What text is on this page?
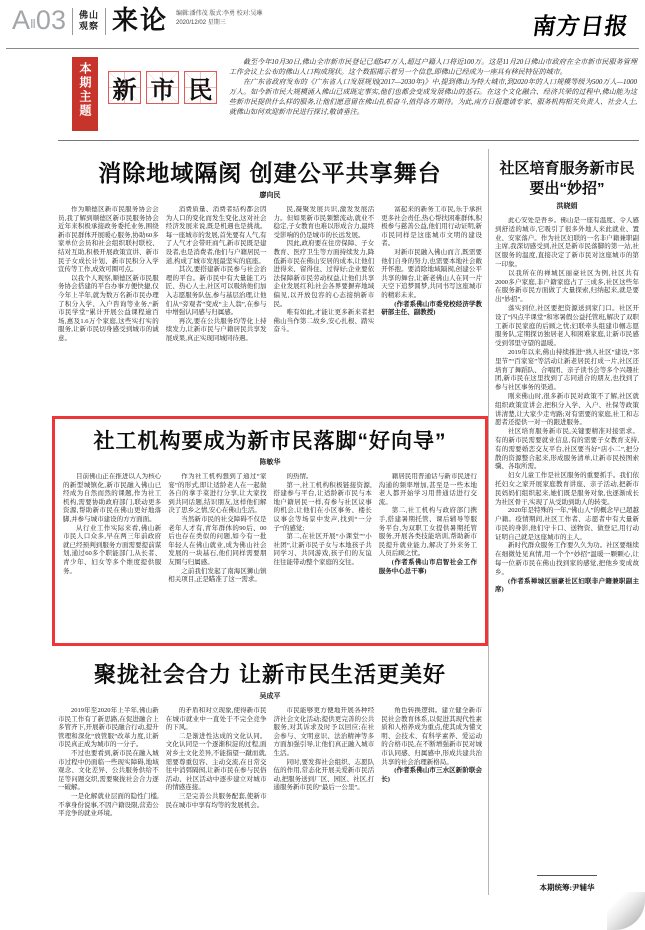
A Ⅱ 03 佛山
观察 来论 编辑:潘伟茂 版式:李勇 校对:吴琳
2020/12/02 星期三	南方日报
本期主题 新 市 民

截至今年10月30日,佛山全市新市民登记已超547万人,超过户籍人口将近100万。这是11月20日佛山市政府在全市新市民服务管理工作会议上公布的佛山人口构成现状。这个数据揭示着另一个信息,即佛山已经成为一座具有移民特征的城市。

在广东省政府发布的《广东省人口发展规划(2017—2030年)》中,提到佛山为特大城市,到2020年的人口规模等级为500万人—1000万人。如今新市民大规模涌入佛山已成既定事实,他们也都会变成发展佛山的基石。在这个文化融合、经济共荣的过程中,佛山能为这些新市民提供什么样的服务,让他们愿意留在佛山扎根奋斗,值得各方期待。为此,南方日报邀请专家、服务机构相关负责人、社会人士,就佛山如何欢迎新市民进行探讨,敬请垂注。

消除地域隔阂 创建公平共享舞台
廖向民

作为顺德区新市民服务协会会员,我了解到顺德区新市民服务协会近年来积极承接政务委托业务,围绕新市民群体开展暖心服务,协助60多家单位会员和社会组织联村联校、结对互助,积极开展政策宣讲、新市民子女成长计划、新市民积分入学宣传等工作,成效可圈可点。

以我个人观察,顺德区新市民服务协会搭建的平台办事方便快捷,仅今年上半年,就为数万名新市民办理了积分入学、入户咨询等业务,“新市民学堂”累计开展公益课程逾百场,惠及1.6万个家庭,这些实打实的服务,让新市民切身感受到城市的诚意。

消费质量、消费者结构都会因为人口的变化而发生变化,这对社会经济发展来说,既是机遇也是挑战。每一座城市的发展,首先要有人气,有了人气才会带旺商气,新市民既是建设者,也是消费者,他们与户籍居民一道,构成了城市发展最坚实的底座。

其次,要搭建新市民参与社会治理的平台。新市民中有大量能工巧匠、热心人士,社区可以吸纳他们加入志愿服务队伍,参与基层治理,让他们从“旁观者”变成“主人翁”,在参与中增强认同感与归属感。

再次,要在公共服务均等化上持续发力,让新市民与户籍居民共享发展成果,真正实现同城同待遇。

民,凝聚发展共识,激发发展活力。但如果新市民频繁流动,就业不稳定,子女教育也难以形成合力,最终受影响的仍是城市的长远发展。

因此,政府要在住房保障、子女教育、医疗卫生等方面持续发力,降低新市民在佛山安居的成本,让他们进得来、留得住、过得好;企业要依法保障新市民劳动权益,让他们共享企业发展红利;社会各界要摒弃地域偏见,以开放包容的心态接纳新市民。

唯有如此,才能让更多新来者把佛山当作第二故乡,安心扎根、踏实奋斗。

富起来的新务工市民,乐于承担更多社会责任,热心帮扶困难群体,积极参与慈善公益,他们用行动证明,新市民同样是这座城市文明的建设者。

对新市民融入佛山而言,既需要他们自身的努力,也需要本地社会敞开怀抱。要消除地域隔阂,创建公平共享的舞台,让新老佛山人在同一片天空下追梦圆梦,共同书写这座城市的精彩未来。

(作者系佛山市委党校经济学教研部主任、副教授)

社工机构要成为新市民落脚“好向导”
陈敏华

目前佛山正在推进以人为核心的新型城镇化,新市民融入佛山已经成为自然而然的课题,作为社工机构,需要协助政府部门,联动更多资源,帮助新市民在佛山更好地落脚,并参与城市建设的方方面面。

从行业工作实际来看,佛山新市民人口众多,早在两三年前政府就已经预判到服务方面需要提前谋划,通过60多个职能部门,从长者、青少年、妇女等多个维度提供服务。

作为社工机构想到了通过“家宴”的形式,即让适龄老人在一起做各自的拿手菜进行分享,让大家找到共同话题,结识朋友,这样他们解决了思乡之情,安心在佛山生活。

当然新市民的社交障碍不仅是老年人才有,青年群体的90后、00后也存在类似的问题,如今有一批年轻人在佛山就业,成为佛山社会发展的一块基石,他们同样需要朋友圈与归属感。

之前我们发起了南海区狮山镇相关项目,正是瞄准了这一需求。

的热情。

第一,社工机构积极链接资源,搭建参与平台,让适龄新市民与本地户籍居民一样,有参与社区议事的机会,让他们在小区事务、楼长议事会等场景中发声,找到“一分子”的感觉;

第二,在社区开展“小课堂”“小社团”,让新市民子女与本地孩子共同学习、共同游戏,孩子们的友谊往往能带动整个家庭的交往。

籍居民用普通话与新市民进行沟通的频率增加,甚至是一些本地老人都开始学习用普通话进行交流。

第二,社工机构与政府部门携手,搭建暑期托管、课后辅导等服务平台,为双职工女提供暑期托管服务,开展各类技能培训,帮助新市民提升就业能力,解决了外来务工人员后顾之忧。

(作者系佛山市启智社会工作服务中心总干事)

聚拢社会合力 让新市民生活更美好
吴成平

2019年至2020年上半年,佛山新市民工作有了新思路,在促进融合上多管齐下,开展新市民融合行动,提升管理和深化“放管服”改革力度,让新市民真正成为城市的一分子。

不过也要看到,新市民在融入城市过程中仍面临一些现实障碍,地域观念、文化差异、公共服务供给不足等问题交织,需要聚拢社会合力逐一破解。

一是化解就业层面的隐性门槛,不拿身份说事,不因户籍设限,营造公平竞争的就业环境。

的矛盾和对立现象,使得新市民在城市就业中一直处于不完全竞争的下风。

二是渐进性达成的文化认同。文化认同是一个逐渐积淀的过程,面对乡土文化差异,不能指望一蹴而就,需要尊重包容、主动交流,在日常交往中消弭隔阂,让新市民在参与民俗活动、社区活动中逐步建立对城市的情感连接。

三是完善公共服务配套,使新市民在城市中享有均等的发展机会。

市民能够更方便地开展各种经济社会文化活动;提供更完善的公共服务,对其诉求及时予以回应;在社会参与、文明意识、法治精神等多方面加强引导,让他们真正融入城市生活。

同时,要发挥社会组织、志愿队伍的作用,常态化开展关爱新市民活动,把服务送到厂区、园区、社区,打通服务新市民的“最后一公里”。

角色转换逻辑。建立健全新市民社会教育体系,以促进其现代性素质和人格养成为重点,使其成为懂文明、会技术、有科学素养、爱运动的合格市民,在不断增强新市民对城市认同感、归属感中,形成共建共治共享的社会治理新格局。

(作者系佛山市三水区新阶联会长)

社区培育服务新市民
要出“妙招”
洪晓娟

此心安处是吾乡。佛山是一座有温度、令人感到舒适的城市,它吸引了很多外地人来此就业、置业、安家落户。作为社区妇联的一名非户籍兼职副主席,我深切感受到,社区是新市民落脚的第一站,社区服务的温度,直接决定了新市民对这座城市的第一印象。

以我所在的禅城区丽豪社区为例,社区共有2000多户家庭,非户籍家庭占了三成多,社区这些年在服务新市民方面做了大量探索,归纳起来,就是要出“妙招”。

落实到位,社区要把资源送到家门口。社区开设了“四点半课堂”和寒暑假公益托管班,解决了双职工新市民家庭的后顾之忧;妇联牵头组建巾帼志愿服务队,定期探访独居老人和困难家庭,让新市民感受到邻里守望的温暖。

2019年以来,佛山持续推进“熟人社区”建设,“邻里节”“百家宴”等活动让新老居民打成一片,社区还培育了舞蹈队、合唱团、亲子读书会等多个兴趣社团,新市民在这里找到了志同道合的朋友,也找到了参与社区事务的渠道。

刚来佛山时,很多新市民对政策不了解,社区就组织政策宣讲会,把积分入学、入户、社保等政策讲清楚,让大家少走弯路;对有需要的家庭,社工和志愿者还提供一对一的跟进服务。

社区培育服务新市民,关键要精准对接需求。有的新市民需要就业信息,有的需要子女教育支持,有的需要婚恋交友平台,社区要当好“店小二”,把分散的资源整合起来,形成服务清单,让新市民按图索骥、各取所需。

妇女儿童工作是社区服务的重要抓手。我们依托妇女之家开展家庭教育讲座、亲子活动,把新市民妈妈们组织起来,她们既是服务对象,也逐渐成长为社区骨干,实现了从受助到助人的转变。

2020年是特殊的一年,“佛山人”的概念早已超越户籍。疫情期间,社区工作者、志愿者中有大量新市民的身影,他们守卡口、送物资、做登记,用行动证明自己就是这座城市的主人。

新时代群众服务工作要久久为功。社区要继续在细微处见真情,用一个个“妙招”温暖一颗颗心,让每一位新市民在佛山找到家的感觉,把他乡变成故乡。

(作者系禅城区丽豪社区妇联非户籍兼职副主席)

本期统筹:尹辅华
